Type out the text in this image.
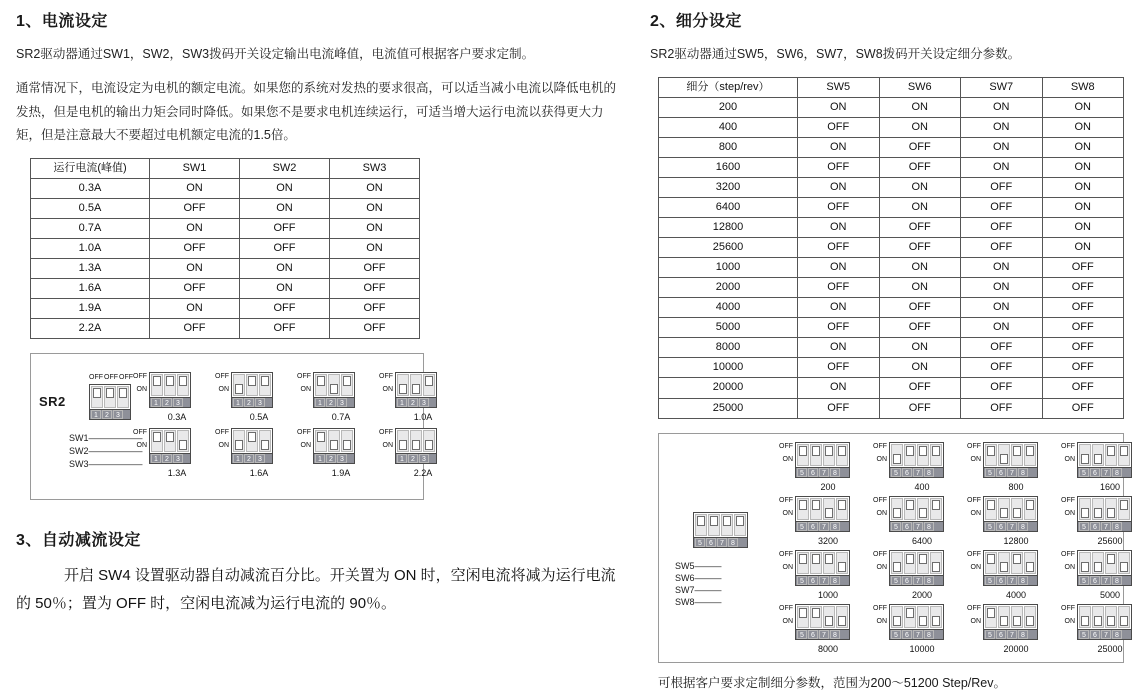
1、电流设定

SR2驱动器通过SW1，SW2，SW3拨码开关设定输出电流峰值，电流值可根据客户要求定制。

通常情况下，电流设定为电机的额定电流。如果您的系统对发热的要求很高，可以适当减小电流以降低电机的发热，但是电机的输出力矩会同时降低。如果您不是要求电机连续运行，可适当增大运行电流以获得更大力矩，但是注意最大不要超过电机额定电流的1.5倍。

运行电流(峰值)	SW1	SW2	SW3
0.3A	ON	ON	ON
0.5A	OFF	ON	ON
0.7A	ON	OFF	ON
1.0A	OFF	OFF	ON
1.3A	ON	ON	OFF
1.6A	OFF	ON	OFF
1.9A	ON	OFF	OFF
2.2A	OFF	OFF	OFF
OFF OFF OFF
SR2
1	2	3
SW1——————
SW2——————
SW3——————
OFF
ON
1	2	3
0.3A
OFF
ON
1	2	3
0.5A
OFF
ON
1	2	3
0.7A
OFF
ON
1	2	3
1.0A
OFF
ON
1	2	3
1.3A
OFF
ON
1	2	3
1.6A
OFF
ON
1	2	3
1.9A
OFF
ON
1	2	3
2.2A
3、自动减流设定

开启 SW4 设置驱动器自动减流百分比。开关置为 ON 时，空闲电流将减为运行电流的 50％；置为 OFF 时，空闲电流减为运行电流的 90％。

2、细分设定

SR2驱动器通过SW5，SW6，SW7，SW8拨码开关设定细分参数。

细分（step/rev）	SW5	SW6	SW7	SW8
200	ON	ON	ON	ON
400	OFF	ON	ON	ON
800	ON	OFF	ON	ON
1600	OFF	OFF	ON	ON
3200	ON	ON	OFF	ON
6400	OFF	ON	OFF	ON
12800	ON	OFF	OFF	ON
25600	OFF	OFF	OFF	ON
1000	ON	ON	ON	OFF
2000	OFF	ON	ON	OFF
4000	ON	OFF	ON	OFF
5000	OFF	OFF	ON	OFF
8000	ON	ON	OFF	OFF
10000	OFF	ON	OFF	OFF
20000	ON	OFF	OFF	OFF
25000	OFF	OFF	OFF	OFF
5	6	7	8
SW5———
SW6———
SW7———
SW8———
OFF
ON
5	6	7	8
200
OFF
ON
5	6	7	8
400
OFF
ON
5	6	7	8
800
OFF
ON
5	6	7	8
1600
OFF
ON
5	6	7	8
3200
OFF
ON
5	6	7	8
6400
OFF
ON
5	6	7	8
12800
OFF
ON
5	6	7	8
25600
OFF
ON
5	6	7	8
1000
OFF
ON
5	6	7	8
2000
OFF
ON
5	6	7	8
4000
OFF
ON
5	6	7	8
5000
OFF
ON
5	6	7	8
8000
OFF
ON
5	6	7	8
10000
OFF
ON
5	6	7	8
20000
OFF
ON
5	6	7	8
25000
可根据客户要求定制细分参数，范围为200～51200 Step/Rev。
